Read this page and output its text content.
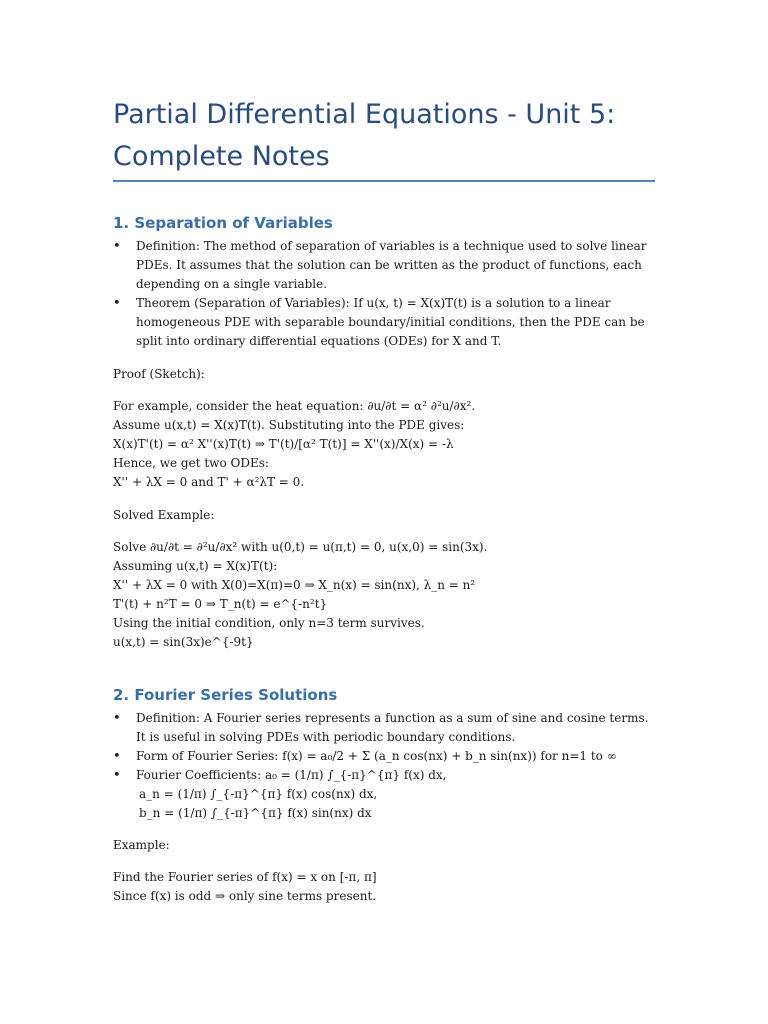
Partial Differential Equations - Unit 5: Complete Notes
1. Separation of Variables
• Definition: The method of separation of variables is a technique used to solve linear PDEs. It assumes that the solution can be written as the product of functions, each depending on a single variable.
• Theorem (Separation of Variables): If u(x, t) = X(x)T(t) is a solution to a linear homogeneous PDE with separable boundary/initial conditions, then the PDE can be split into ordinary differential equations (ODEs) for X and T.

Proof (Sketch):

For example, consider the heat equation: ∂u/∂t = α² ∂²u/∂x².

Assume u(x,t) = X(x)T(t). Substituting into the PDE gives:

X(x)T'(t) = α² X''(x)T(t) ⇒ T'(t)/[α² T(t)] = X''(x)/X(x) = -λ

Hence, we get two ODEs:

X'' + λX = 0 and T' + α²λT = 0.

Solved Example:

Solve ∂u/∂t = ∂²u/∂x² with u(0,t) = u(π,t) = 0, u(x,0) = sin(3x).

Assuming u(x,t) = X(x)T(t):

X'' + λX = 0 with X(0)=X(π)=0 ⇒ X_n(x) = sin(nx), λ_n = n²

T'(t) + n²T = 0 ⇒ T_n(t) = e^{-n²t}

Using the initial condition, only n=3 term survives.

u(x,t) = sin(3x)e^{-9t}

2. Fourier Series Solutions
• Definition: A Fourier series represents a function as a sum of sine and cosine terms. It is useful in solving PDEs with periodic boundary conditions.
• Form of Fourier Series: f(x) = a₀/2 + Σ (a_n cos(nx) + b_n sin(nx)) for n=1 to ∞
• Fourier Coefficients: a₀ = (1/π) ∫_{-π}^{π} f(x) dx,

a_n = (1/π) ∫_{-π}^{π} f(x) cos(nx) dx,

b_n = (1/π) ∫_{-π}^{π} f(x) sin(nx) dx

Example:

Find the Fourier series of f(x) = x on [-π, π]

Since f(x) is odd ⇒ only sine terms present.
